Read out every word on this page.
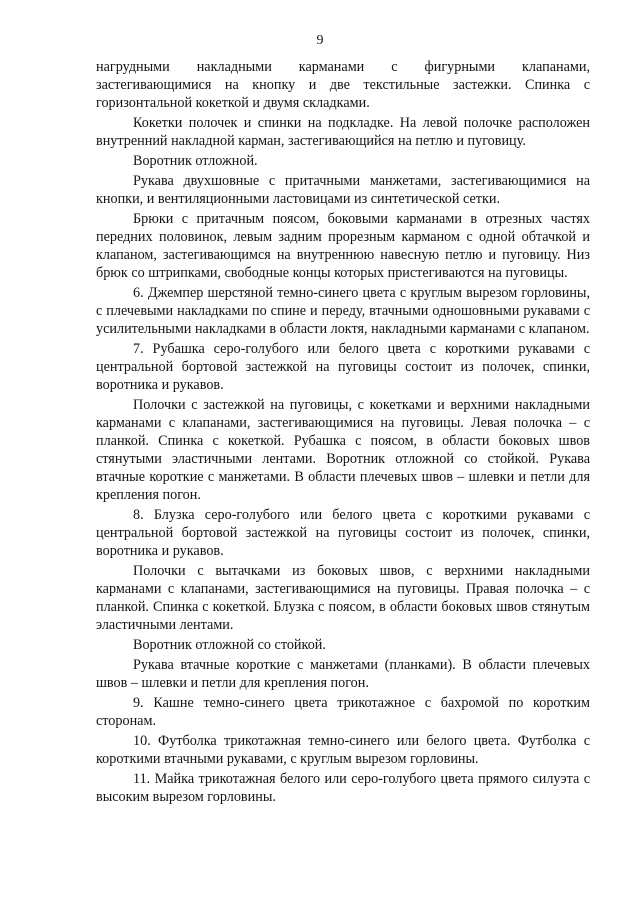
9

нагрудными накладными карманами с фигурными клапанами, застегивающимися на кнопку и две текстильные застежки. Спинка с горизонтальной кокеткой и двумя складками.

Кокетки полочек и спинки на подкладке. На левой полочке расположен внутренний накладной карман, застегивающийся на петлю и пуговицу.

Воротник отложной.

Рукава двухшовные с притачными манжетами, застегивающимися на кнопки, и вентиляционными ластовицами из синтетической сетки.

Брюки с притачным поясом, боковыми карманами в отрезных частях передних половинок, левым задним прорезным карманом с одной обтачкой и клапаном, застегивающимся на внутреннюю навесную петлю и пуговицу. Низ брюк со штрипками, свободные концы которых пристегиваются на пуговицы.

6. Джемпер шерстяной темно-синего цвета с круглым вырезом горловины, с плечевыми накладками по спине и переду, втачными одношовными рукавами с усилительными накладками в области локтя, накладными карманами с клапаном.

7. Рубашка серо-голубого или белого цвета с короткими рукавами с центральной бортовой застежкой на пуговицы состоит из полочек, спинки, воротника и рукавов.

Полочки с застежкой на пуговицы, с кокетками и верхними накладными карманами с клапанами, застегивающимися на пуговицы. Левая полочка – с планкой. Спинка с кокеткой. Рубашка с поясом, в области боковых швов стянутыми эластичными лентами. Воротник отложной со стойкой. Рукава втачные короткие с манжетами. В области плечевых швов – шлевки и петли для крепления погон.

8. Блузка серо-голубого или белого цвета с короткими рукавами с центральной бортовой застежкой на пуговицы состоит из полочек, спинки, воротника и рукавов.

Полочки с вытачками из боковых швов, с верхними накладными карманами с клапанами, застегивающимися на пуговицы. Правая полочка – с планкой. Спинка с кокеткой. Блузка с поясом, в области боковых швов стянутым эластичными лентами.

Воротник отложной со стойкой.

Рукава втачные короткие с манжетами (планками). В области плечевых швов – шлевки и петли для крепления погон.

9. Кашне темно-синего цвета трикотажное с бахромой по коротким сторонам.

10. Футболка трикотажная темно-синего или белого цвета. Футболка с короткими втачными рукавами, с круглым вырезом горловины.

11. Майка трикотажная белого или серо-голубого цвета прямого силуэта с высоким вырезом горловины.
